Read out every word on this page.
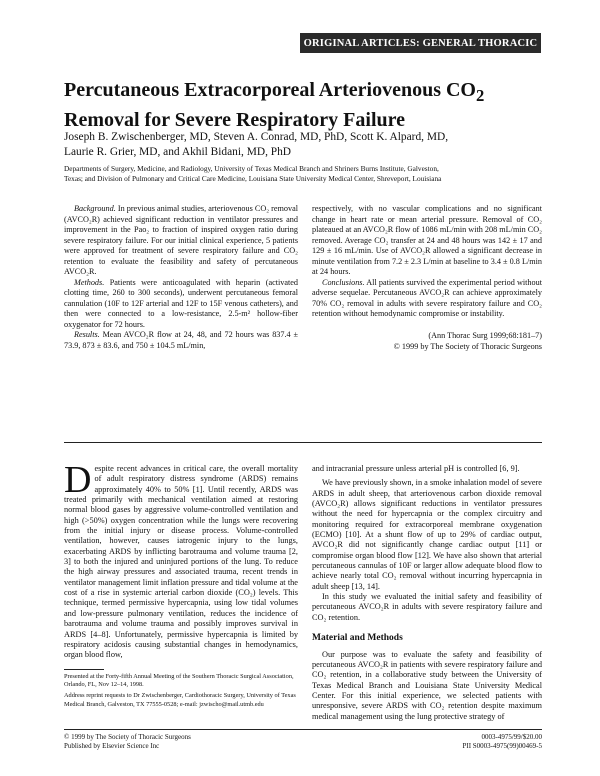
ORIGINAL ARTICLES: GENERAL THORACIC
Percutaneous Extracorporeal Arteriovenous $CO_2$
Removal for Severe Respiratory Failure
Joseph B. Zwischenberger, MD, Steven A. Conrad, MD, PhD, Scott K. Alpard, MD,
Laurie R. Grier, MD, and Akhil Bidani, MD, PhD
Departments of Surgery, Medicine, and Radiology, University of Texas Medical Branch and Shriners Burns Institute, Galveston,
Texas; and Division of Pulmonary and Critical Care Medicine, Louisiana State University Medical Center, Shreveport, Louisiana

Background. In previous animal studies, arteriovenous CO₂ removal (AVCO₂R) achieved significant reduction in ventilator pressures and improvement in the Pao₂ to fraction of inspired oxygen ratio during severe respiratory failure. For our initial clinical experience, 5 patients were approved for treatment of severe respiratory failure and CO₂ retention to evaluate the feasibility and safety of percutaneous AVCO₂R.

Methods. Patients were anticoagulated with heparin (activated clotting time, 260 to 300 seconds), underwent percutaneous femoral cannulation (10F to 12F arterial and 12F to 15F venous catheters), and then were connected to a low-resistance, 2.5-m² hollow-fiber oxygenator for 72 hours.

Results. Mean AVCO₂R flow at 24, 48, and 72 hours was 837.4 ± 73.9, 873 ± 83.6, and 750 ± 104.5 mL/min,

respectively, with no vascular complications and no significant change in heart rate or mean arterial pressure. Removal of CO₂ plateaued at an AVCO₂R flow of 1086 mL/min with 208 mL/min CO₂ removed. Average CO₂ transfer at 24 and 48 hours was 142 ± 17 and 129 ± 16 mL/min. Use of AVCO₂R allowed a significant decrease in minute ventilation from 7.2 ± 2.3 L/min at baseline to 3.4 ± 0.8 L/min at 24 hours.

Conclusions. All patients survived the experimental period without adverse sequelae. Percutaneous AVCO₂R can achieve approximately 70% CO₂ removal in adults with severe respiratory failure and CO₂ retention without hemodynamic compromise or instability.

(Ann Thorac Surg 1999;68:181–7)

© 1999 by The Society of Thoracic Surgeons

Despite recent advances in critical care, the overall mortality of adult respiratory distress syndrome (ARDS) remains approximately 40% to 50% [1]. Until recently, ARDS was treated primarily with mechanical ventilation aimed at restoring normal blood gases by aggressive volume-controlled ventilation and high (>50%) oxygen concentration while the lungs were recovering from the initial injury or disease process. Volume-controlled ventilation, however, causes iatrogenic injury to the lungs, exacerbating ARDS by inflicting barotrauma and volume trauma [2, 3] to both the injured and uninjured portions of the lung. To reduce the high airway pressures and associated trauma, recent trends in ventilator management limit inflation pressure and tidal volume at the cost of a rise in systemic arterial carbon dioxide (CO₂) levels. This technique, termed permissive hypercapnia, using low tidal volumes and low-pressure pulmonary ventilation, reduces the incidence of barotrauma and volume trauma and possibly improves survival in ARDS [4–8]. Unfortunately, permissive hypercapnia is limited by respiratory acidosis causing substantial changes in hemodynamics, organ blood flow,

and intracranial pressure unless arterial pH is controlled [6, 9].

We have previously shown, in a smoke inhalation model of severe ARDS in adult sheep, that arteriovenous carbon dioxide removal (AVCO₂R) allows significant reductions in ventilator pressures without the need for hypercapnia or the complex circuitry and monitoring required for extracorporeal membrane oxygenation (ECMO) [10]. At a shunt flow of up to 29% of cardiac output, AVCO₂R did not significantly change cardiac output [11] or compromise organ blood flow [12]. We have also shown that arterial percutaneous cannulas of 10F or larger allow adequate blood flow to achieve nearly total CO₂ removal without incurring hypercapnia in adult sheep [13, 14].

In this study we evaluated the initial safety and feasibility of percutaneous AVCO₂R in adults with severe respiratory failure and CO₂ retention.

Material and Methods

Our purpose was to evaluate the safety and feasibility of percutaneous AVCO₂R in patients with severe respiratory failure and CO₂ retention, in a collaborative study between the University of Texas Medical Branch and Louisiana State University Medical Center. For this initial experience, we selected patients with unresponsive, severe ARDS with CO₂ retention despite maximum medical management using the lung protective strategy of

Presented at the Forty-fifth Annual Meeting of the Southern Thoracic Surgical Association, Orlando, FL, Nov 12–14, 1998.

Address reprint requests to Dr Zwischenberger, Cardiothoracic Surgery, University of Texas Medical Branch, Galveston, TX 77555-0528; e-mail: jzwischo@mail.utmb.edu

© 1999 by The Society of Thoracic Surgeons
Published by Elsevier Science Inc
0003-4975/99/$20.00
PII S0003-4975(99)00469-5
